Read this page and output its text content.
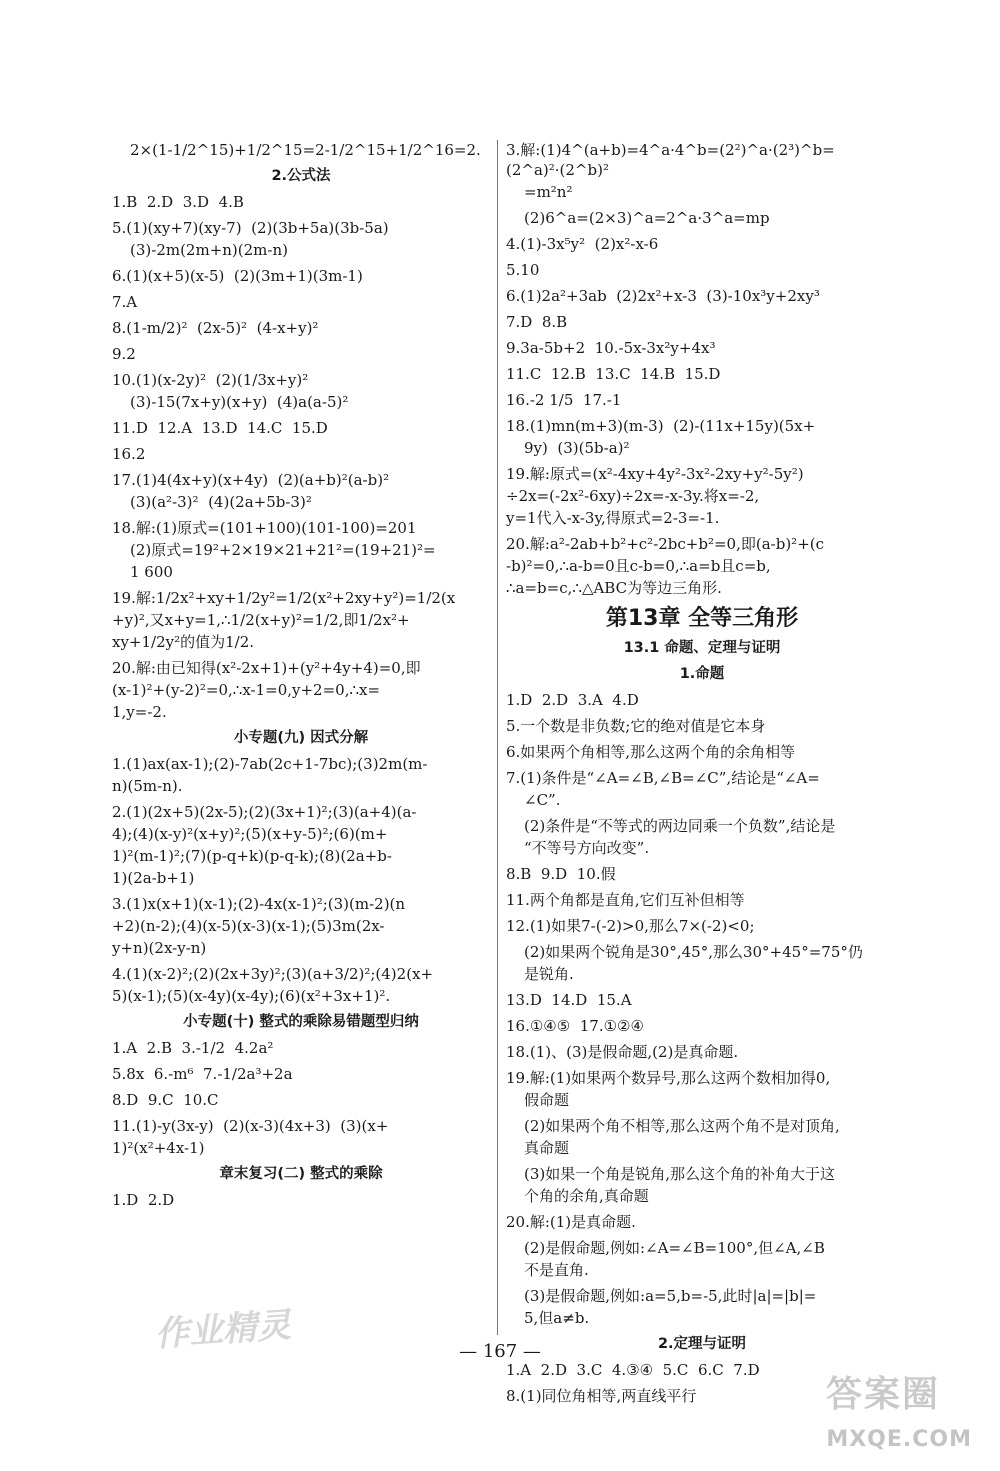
2×(1-1/2^15)+1/2^15=2-1/2^15+1/2^16=2.
2.公式法
1.B  2.D  3.D  4.B
5.(1)(xy+7)(xy-7)  (2)(3b+5a)(3b-5a)
(3)-2m(2m+n)(2m-n)
6.(1)(x+5)(x-5)  (2)(3m+1)(3m-1)
7.A
8.(1-m/2)²  (2x-5)²  (4-x+y)²
9.2
10.(1)(x-2y)²  (2)(1/3x+y)²
(3)-15(7x+y)(x+y)  (4)a(a-5)²
11.D  12.A  13.D  14.C  15.D
16.2
17.(1)4(4x+y)(x+4y)  (2)(a+b)²(a-b)²
(3)(a²-3)²  (4)(2a+5b-3)²
18.解:(1)原式=(101+100)(101-100)=201
(2)原式=19²+2×19×21+21²=(19+21)²=
1 600
19.解:1/2x²+xy+1/2y²=1/2(x²+2xy+y²)=1/2(x
+y)²,又x+y=1,∴1/2(x+y)²=1/2,即1/2x²+
xy+1/2y²的值为1/2.
20.解:由已知得(x²-2x+1)+(y²+4y+4)=0,即
(x-1)²+(y-2)²=0,∴x-1=0,y+2=0,∴x=
1,y=-2.
小专题(九) 因式分解
1.(1)ax(ax-1);(2)-7ab(2c+1-7bc);(3)2m(m-
n)(5m-n).
2.(1)(2x+5)(2x-5);(2)(3x+1)²;(3)(a+4)(a-
4);(4)(x-y)²(x+y)²;(5)(x+y-5)²;(6)(m+
1)²(m-1)²;(7)(p-q+k)(p-q-k);(8)(2a+b-
1)(2a-b+1)
3.(1)x(x+1)(x-1);(2)-4x(x-1)²;(3)(m-2)(n
+2)(n-2);(4)(x-5)(x-3)(x-1);(5)3m(2x-
y+n)(2x-y-n)
4.(1)(x-2)²;(2)(2x+3y)²;(3)(a+3/2)²;(4)2(x+
5)(x-1);(5)(x-4y)(x-4y);(6)(x²+3x+1)².
小专题(十) 整式的乘除易错题型归纳
1.A  2.B  3.-1/2  4.2a²
5.8x  6.-m⁶  7.-1/2a³+2a
8.D  9.C  10.C
11.(1)-y(3x-y)  (2)(x-3)(4x+3)  (3)(x+
1)²(x²+4x-1)
章末复习(二) 整式的乘除
1.D  2.D
3.解:(1)4^(a+b)=4^a·4^b=(2²)^a·(2³)^b=(2^a)²·(2^b)²
=m²n²
(2)6^a=(2×3)^a=2^a·3^a=mp
4.(1)-3x⁵y²  (2)x²-x-6
5.10
6.(1)2a²+3ab  (2)2x²+x-3  (3)-10x³y+2xy³
7.D  8.B
9.3a-5b+2  10.-5x-3x²y+4x³
11.C  12.B  13.C  14.B  15.D
16.-2 1/5  17.-1
18.(1)mn(m+3)(m-3)  (2)-(11x+15y)(5x+
9y)  (3)(5b-a)²
19.解:原式=(x²-4xy+4y²-3x²-2xy+y²-5y²)
÷2x=(-2x²-6xy)÷2x=-x-3y.将x=-2,
y=1代入-x-3y,得原式=2-3=-1.
20.解:a²-2ab+b²+c²-2bc+b²=0,即(a-b)²+(c
-b)²=0,∴a-b=0且c-b=0,∴a=b且c=b,
∴a=b=c,∴△ABC为等边三角形.
第13章 全等三角形
13.1 命题、定理与证明
1.命题
1.D  2.D  3.A  4.D
5.一个数是非负数;它的绝对值是它本身
6.如果两个角相等,那么这两个角的余角相等
7.(1)条件是“∠A=∠B,∠B=∠C”,结论是“∠A=
∠C”.
(2)条件是“不等式的两边同乘一个负数”,结论是
“不等号方向改变”.
8.B  9.D  10.假
11.两个角都是直角,它们互补但相等
12.(1)如果7-(-2)>0,那么7×(-2)<0;
(2)如果两个锐角是30°,45°,那么30°+45°=75°仍
是锐角.
13.D  14.D  15.A
16.①④⑤  17.①②④
18.(1)、(3)是假命题,(2)是真命题.
19.解:(1)如果两个数异号,那么这两个数相加得0,
假命题
(2)如果两个角不相等,那么这两个角不是对顶角,
真命题
(3)如果一个角是锐角,那么这个角的补角大于这
个角的余角,真命题
20.解:(1)是真命题.
(2)是假命题,例如:∠A=∠B=100°,但∠A,∠B
不是直角.
(3)是假命题,例如:a=5,b=-5,此时|a|=|b|=
5,但a≠b.
2.定理与证明
1.A  2.D  3.C  4.③④  5.C  6.C  7.D
8.(1)同位角相等,两直线平行
— 167 —
作业精灵
答案圈
MXQE.COM
